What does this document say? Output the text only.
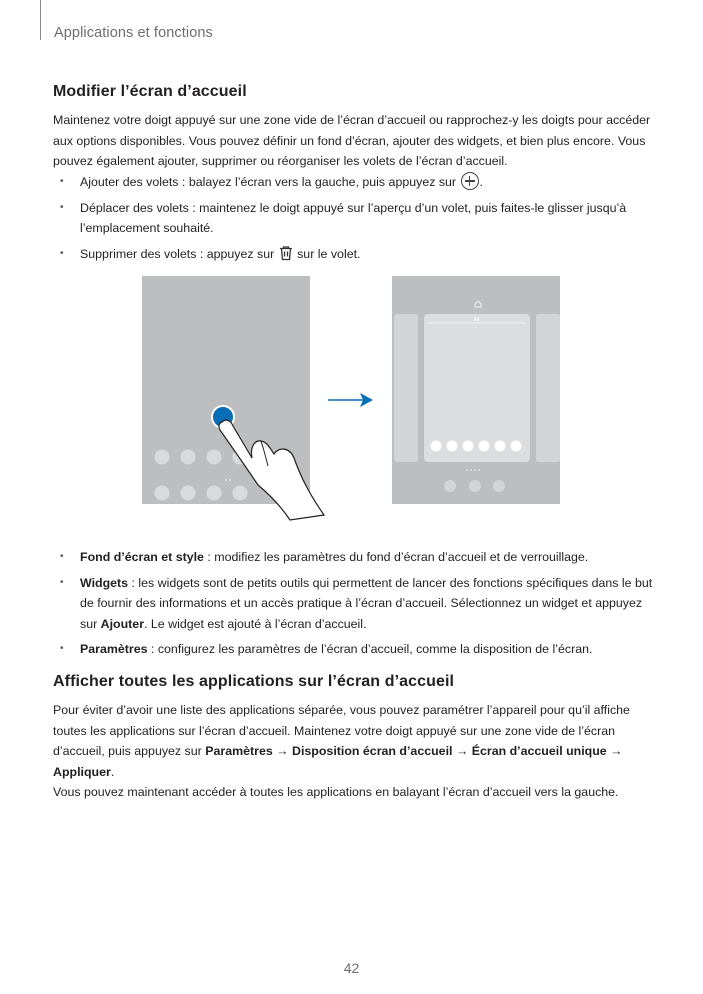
Applications et fonctions
Modifier l’écran d’accueil
Maintenez votre doigt appuyé sur une zone vide de l’écran d’accueil ou rapprochez-y les doigts pour accéder aux options disponibles. Vous pouvez définir un fond d’écran, ajouter des widgets, et bien plus encore. Vous pouvez également ajouter, supprimer ou réorganiser les volets de l’écran d’accueil.
• Ajouter des volets : balayez l’écran vers la gauche, puis appuyez sur .
• Déplacer des volets : maintenez le doigt appuyé sur l’aperçu d’un volet, puis faites-le glisser jusqu’à l’emplacement souhaité.
• Supprimer des volets : appuyez sur  sur le volet.
• Fond d’écran et style : modifiez les paramètres du fond d’écran d’accueil et de verrouillage.
• Widgets : les widgets sont de petits outils qui permettent de lancer des fonctions spécifiques dans le but de fournir des informations et un accès pratique à l’écran d’accueil. Sélectionnez un widget et appuyez sur Ajouter. Le widget est ajouté à l’écran d’accueil.
• Paramètres : configurez les paramètres de l’écran d’accueil, comme la disposition de l’écran.
Afficher toutes les applications sur l’écran d’accueil
Pour éviter d’avoir une liste des applications séparée, vous pouvez paramétrer l’appareil pour qu’il affiche toutes les applications sur l’écran d’accueil. Maintenez votre doigt appuyé sur une zone vide de l’écran d’accueil, puis appuyez sur Paramètres → Disposition écran d’accueil → Écran d’accueil unique → Appliquer.
Vous pouvez maintenant accéder à toutes les applications en balayant l’écran d’accueil vers la gauche.
42
